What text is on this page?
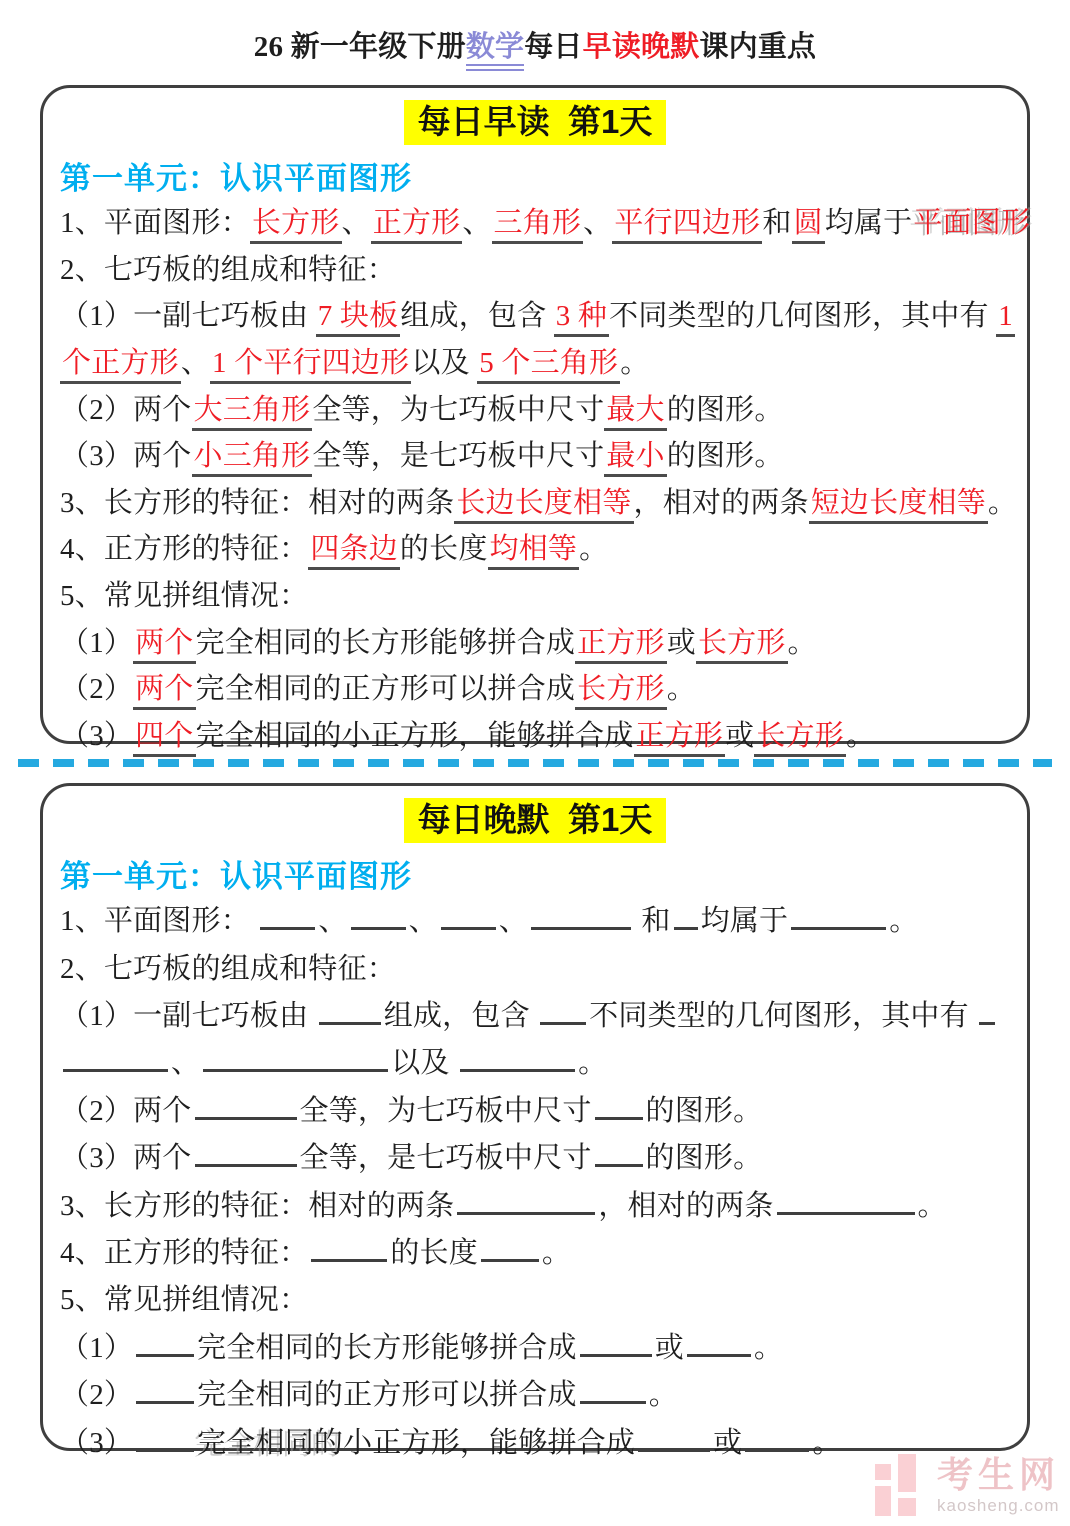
26 新一年级下册数学每日早读晚默课内重点
每日早读  第1天
第一单元：认识平面图形
1、平面图形：长方形、正方形、三角形、平行四边形和圆均属于平面图形
2、七巧板的组成和特征：
（1）一副七巧板由 7 块板组成，包含 3 种不同类型的几何图形，其中有 1
个正方形、1 个平行四边形以及 5 个三角形。
（2）两个大三角形全等，为七巧板中尺寸最大的图形。
（3）两个小三角形全等，是七巧板中尺寸最小的图形。
3、长方形的特征：相对的两条长边长度相等，相对的两条短边长度相等。
4、正方形的特征：四条边的长度均相等。
5、常见拼组情况：
（1）两个完全相同的长方形能够拼合成正方形或长方形。
（2）两个完全相同的正方形可以拼合成长方形。
（3）四个完全相同的小正方形，能够拼合成正方形或长方形。
每日晚默  第1天
第一单元：认识平面图形
1、平面图形： 、 、 、	和 均属于	。
2、七巧板的组成和特征：
（1）一副七巧板由 组成，包含 不同类型的几何图形，其中有
、	以及	。
（2）两个	全等，为七巧板中尺寸 的图形。
（3）两个	全等，是七巧板中尺寸 的图形。
3、长方形的特征：相对的两条	，相对的两条	。
4、正方形的特征：	的长度 。
5、常见拼组情况：
（1） 完全相同的长方形能够拼合成	或 。
（2） 完全相同的正方形可以拼合成 。
（3） 完全相同的小正方形，能够拼合成	或 。
考生网
kaosheng.com
